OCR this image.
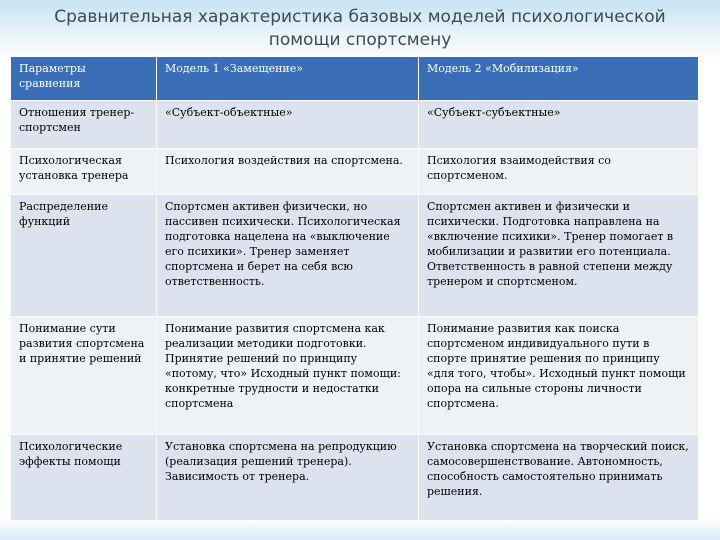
Сравнительная характеристика базовых моделей психологической помощи спортсмену
Параметры сравнения	Модель 1 «Замещение»	Модель 2 «Мобилизация»
Отношения тренер-спортсмен	«Субъект-объектные»	«Субъект-субъектные»
Психологическая установка тренера	Психология воздействия на спортсмена.	Психология взаимодействия со спортсменом.
Распределение функций	Спортсмен активен физически, но пассивен психически. Психологическая подготовка нацелена на «выключение его психики». Тренер заменяет спортсмена и берет на себя всю ответственность.	Спортсмен активен и физически и психически. Подготовка направлена на «включение психики». Тренер помогает в мобилизации и развитии его потенциала. Ответственность в равной степени между тренером и спортсменом.
Понимание сути развития спортсмена и принятие решений	Понимание развития спортсмена как реализации методики подготовки. Принятие решений по принципу «потому, что» Исходный пункт помощи: конкретные трудности и недостатки спортсмена	Понимание развития как поиска спортсменом индивидуального пути в спорте принятие решения по принципу «для того, чтобы». Исходный пункт помощи опора на сильные стороны личности спортсмена.
Психологические эффекты помощи	Установка спортсмена на репродукцию (реализация решений тренера). Зависимость от тренера.	Установка спортсмена на творческий поиск, самосовершенствование. Автономность, способность самостоятельно принимать решения.
